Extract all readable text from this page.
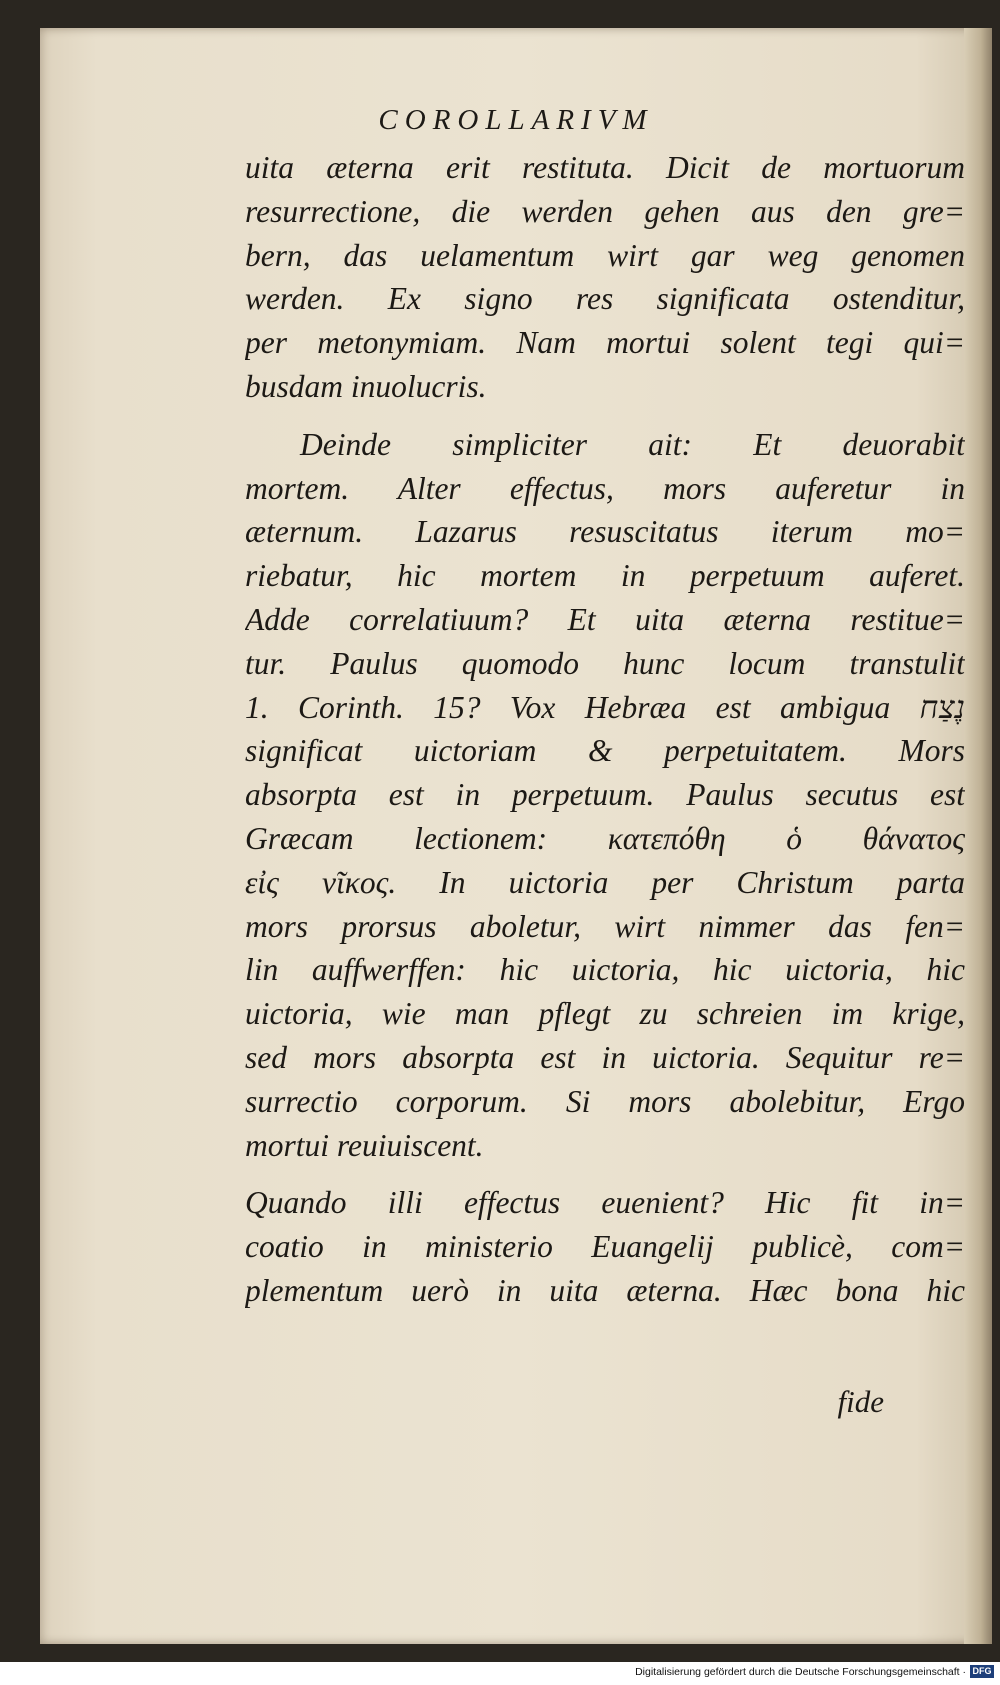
COROLLARIVM
uita æterna erit restituta. Dicit de mortuorum
resurrectione, die werden gehen aus den gre=
bern, das uelamentum wirt gar weg genomen
werden. Ex signo res significata ostenditur,
per metonymiam. Nam mortui solent tegi qui=
busdam inuolucris.
Deinde simpliciter ait: Et deuorabit
mortem. Alter effectus, mors auferetur in
æternum. Lazarus resuscitatus iterum mo=
riebatur, hic mortem in perpetuum auferet.
Adde correlatiuum? Et uita æterna restitue=
tur. Paulus quomodo hunc locum transtulit
1. Corinth. 15? Vox Hebræa est ambigua נֶצַח
significat uictoriam & perpetuitatem. Mors
absorpta est in perpetuum. Paulus secutus est
Græcam lectionem: κατεπόθη ὁ θάνατος
εἰς νῖκος. In uictoria per Christum parta
mors prorsus aboletur, wirt nimmer das fen=
lin auffwerffen: hic uictoria, hic uictoria, hic
uictoria, wie man pflegt zu schreien im krige,
sed mors absorpta est in uictoria. Sequitur re=
surrectio corporum. Si mors abolebitur, Ergo
mortui reuiuiscent.
Quando illi effectus euenient? Hic fit in=
coatio in ministerio Euangelij publicè, com=
plementum uerò in uita æterna. Hæc bona hic
fide
Digitalisierung gefördert durch die Deutsche Forschungsgemeinschaft · DFG
